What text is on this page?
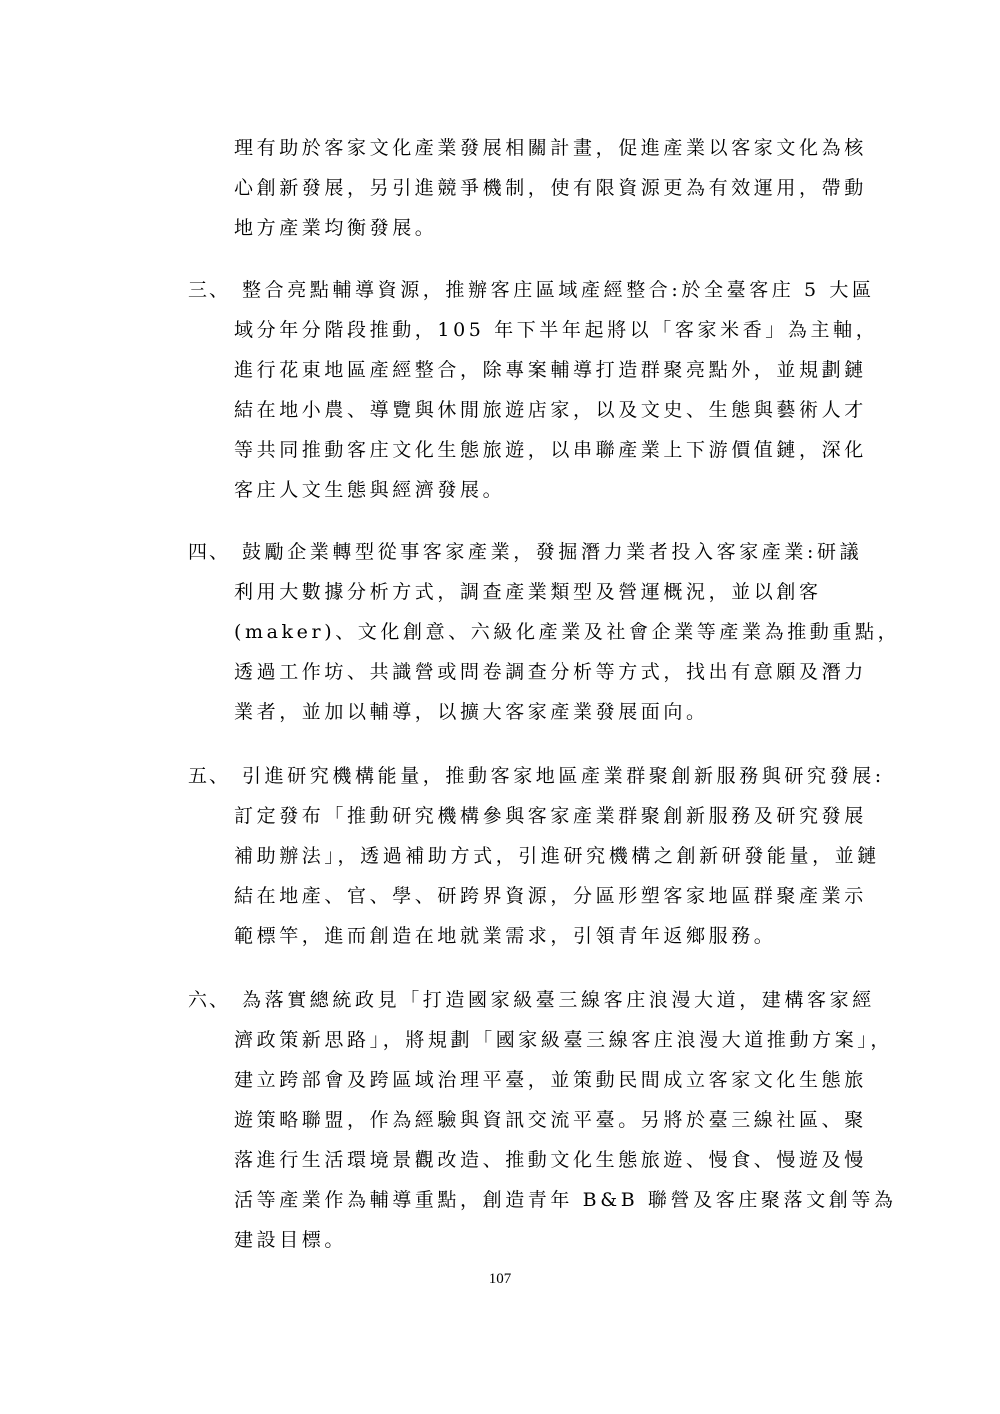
理有助於客家文化產業發展相關計畫，促進產業以客家文化為核
心創新發展，另引進競爭機制，使有限資源更為有效運用，帶動
地方產業均衡發展。
三、 整合亮點輔導資源，推辦客庄區域產經整合:於全臺客庄 5 大區
域分年分階段推動，105 年下半年起將以「客家米香」為主軸，
進行花東地區產經整合，除專案輔導打造群聚亮點外，並規劃鏈
結在地小農、導覽與休閒旅遊店家，以及文史、生態與藝術人才
等共同推動客庄文化生態旅遊，以串聯產業上下游價值鏈，深化
客庄人文生態與經濟發展。
四、 鼓勵企業轉型從事客家產業，發掘潛力業者投入客家產業:研議
利用大數據分析方式，調查產業類型及營運概況，並以創客
(maker)、文化創意、六級化產業及社會企業等產業為推動重點，
透過工作坊、共識營或問卷調查分析等方式，找出有意願及潛力
業者，並加以輔導，以擴大客家產業發展面向。
五、 引進研究機構能量，推動客家地區產業群聚創新服務與研究發展:
訂定發布「推動研究機構參與客家產業群聚創新服務及研究發展
補助辦法」，透過補助方式，引進研究機構之創新研發能量，並鏈
結在地產、官、學、研跨界資源，分區形塑客家地區群聚產業示
範標竿，進而創造在地就業需求，引領青年返鄉服務。
六、 為落實總統政見「打造國家級臺三線客庄浪漫大道，建構客家經
濟政策新思路」，將規劃「國家級臺三線客庄浪漫大道推動方案」，
建立跨部會及跨區域治理平臺，並策動民間成立客家文化生態旅
遊策略聯盟，作為經驗與資訊交流平臺。另將於臺三線社區、聚
落進行生活環境景觀改造、推動文化生態旅遊、慢食、慢遊及慢
活等產業作為輔導重點，創造青年 B&B 聯營及客庄聚落文創等為
建設目標。
107
